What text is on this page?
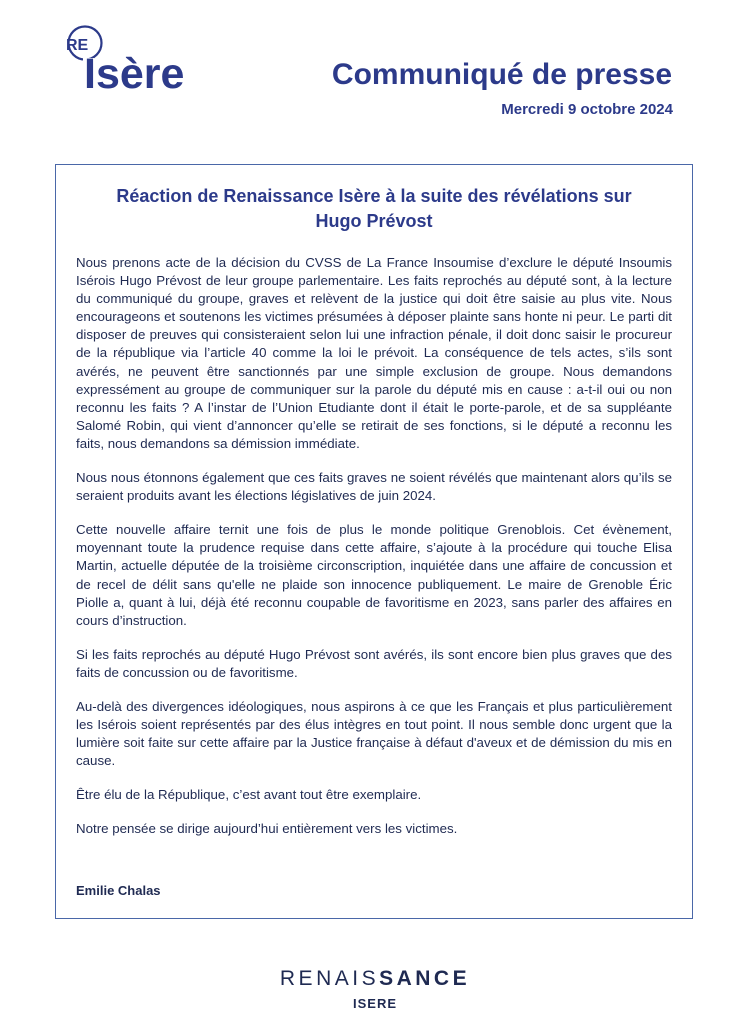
RE
Isère	Communiqué de presse
Mercredi 9 octobre 2024
Réaction de Renaissance Isère à la suite des révélations sur Hugo Prévost

Nous prenons acte de la décision du CVSS de La France Insoumise d’exclure le député Insoumis Isérois Hugo Prévost de leur groupe parlementaire. Les faits reprochés au député sont, à la lecture du communiqué du groupe, graves et relèvent de la justice qui doit être saisie au plus vite. Nous encourageons et soutenons les victimes présumées à déposer plainte sans honte ni peur. Le parti dit disposer de preuves qui consisteraient selon lui une infraction pénale, il doit donc saisir le procureur de la république via l’article 40 comme la loi le prévoit. La conséquence de tels actes, s’ils sont avérés, ne peuvent être sanctionnés par une simple exclusion de groupe. Nous demandons expressément au groupe de communiquer sur la parole du député mis en cause : a-t-il oui ou non reconnu les faits ? A l’instar de l’Union Etudiante dont il était le porte-parole, et de sa suppléante Salomé Robin, qui vient d’annoncer qu’elle se retirait de ses fonctions, si le député a reconnu les faits, nous demandons sa démission immédiate.

Nous nous étonnons également que ces faits graves ne soient révélés que maintenant alors qu’ils se seraient produits avant les élections législatives de juin 2024.

Cette nouvelle affaire ternit une fois de plus le monde politique Grenoblois. Cet évènement, moyennant toute la prudence requise dans cette affaire, s’ajoute à la procédure qui touche Elisa Martin, actuelle députée de la troisième circonscription, inquiétée dans une affaire de concussion et de recel de délit sans qu'elle ne plaide son innocence publiquement. Le maire de Grenoble Éric Piolle a, quant à lui, déjà été reconnu coupable de favoritisme en 2023, sans parler des affaires en cours d’instruction.

Si les faits reprochés au député Hugo Prévost sont avérés, ils sont encore bien plus graves que des faits de concussion ou de favoritisme.

Au-delà des divergences idéologiques, nous aspirons à ce que les Français et plus particulièrement les Isérois soient représentés par des élus intègres en tout point. Il nous semble donc urgent que la lumière soit faite sur cette affaire par la Justice française à défaut d'aveux et de démission du mis en cause.

Être élu de la République, c’est avant tout être exemplaire.

Notre pensée se dirige aujourd’hui entièrement vers les victimes.

Emilie Chalas
RENAISSANCE
ISERE
